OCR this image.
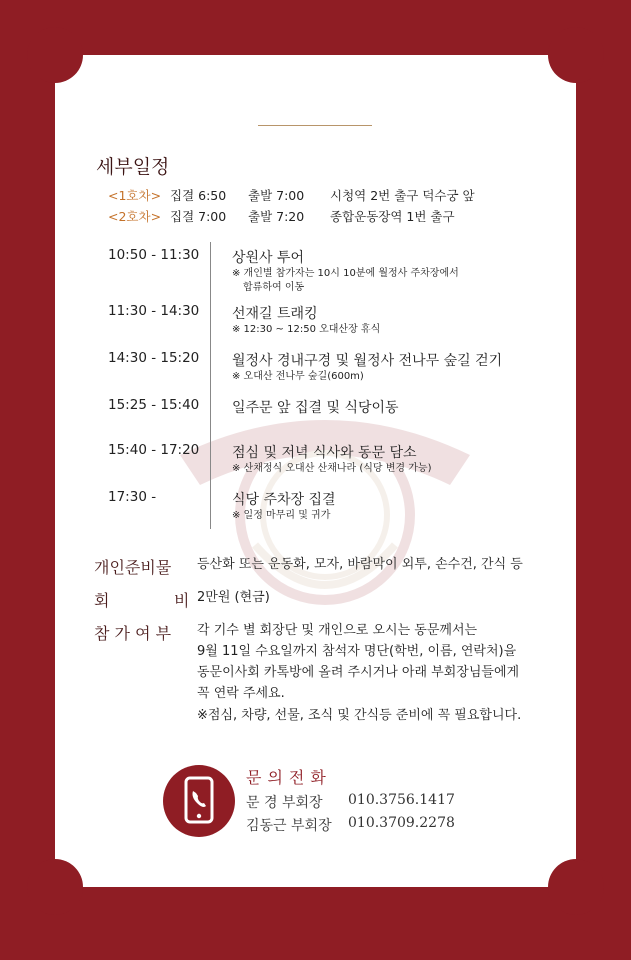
세부일정
<1호차> 집결 6:50 출발 7:00 시청역 2번 출구 덕수궁 앞
<2호차> 집결 7:00 출발 7:20 종합운동장역 1번 출구
10:50 - 11:30 상원사 투어
※ 개인별 참가자는 10시 10분에 월정사 주차장에서
합류하여 이동
11:30 - 14:30 선재길 트래킹
※ 12:30 ~ 12:50 오대산장 휴식
14:30 - 15:20 월정사 경내구경 및 월정사 전나무 숲길 걷기
※ 오대산 전나무 숲길(600m)
15:25 - 15:40 일주문 앞 집결 및 식당이동
15:40 - 17:20 점심 및 저녁 식사와 동문 담소
※ 산채정식 오대산 산채나라 (식당 변경 가능)
17:30 -	식당 주차장 집결
※ 일정 마무리 및 귀가
개인준비물 등산화 또는 운동화, 모자, 바람막이 외투, 손수건, 간식 등
회	비 2만원 (현금)
참 가 여 부 각 기수 별 회장단 및 개인으로 오시는 동문께서는
9월 11일 수요일까지 참석자 명단(학번, 이름, 연락처)을
동문이사회 카톡방에 올려 주시거나 아래 부회장님들에게
꼭 연락 주세요.
※점심, 차량, 선물, 조식 및 간식등 준비에 꼭 필요합니다.
문의전화
문 경 부회장 010.3756.1417
김동근 부회장 010.3709.2278
